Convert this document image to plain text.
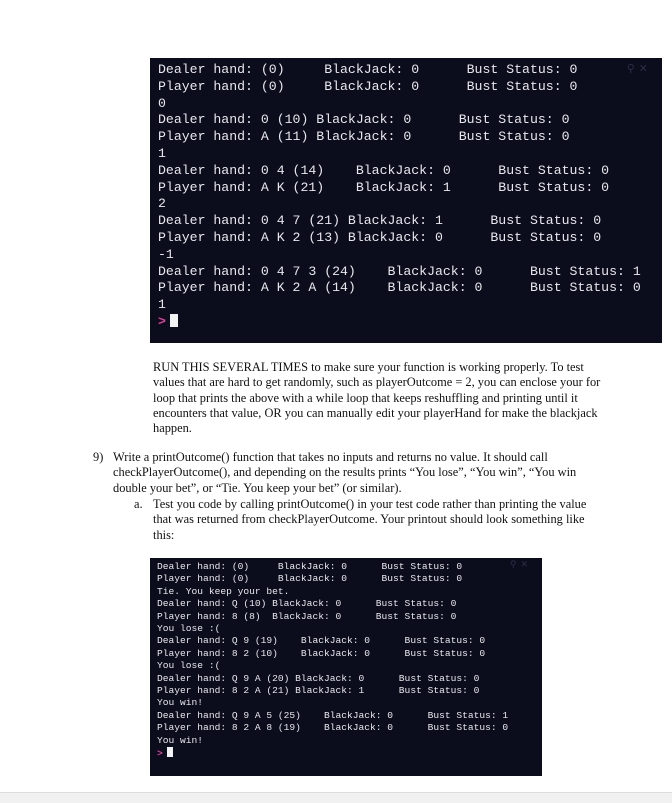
⚲✕
Dealer hand: (0)     BlackJack: 0      Bust Status: 0
Player hand: (0)     BlackJack: 0      Bust Status: 0
0
Dealer hand: 0 (10) BlackJack: 0      Bust Status: 0
Player hand: A (11) BlackJack: 0      Bust Status: 0
1
Dealer hand: 0 4 (14)    BlackJack: 0      Bust Status: 0
Player hand: A K (21)    BlackJack: 1      Bust Status: 0
2
Dealer hand: 0 4 7 (21) BlackJack: 1      Bust Status: 0
Player hand: A K 2 (13) BlackJack: 0      Bust Status: 0
-1
Dealer hand: 0 4 7 3 (24)    BlackJack: 0      Bust Status: 1
Player hand: A K 2 A (14)    BlackJack: 0      Bust Status: 0
1
>
RUN THIS SEVERAL TIMES to make sure your function is working properly. To test values that are hard to get randomly, such as playerOutcome = 2, you can enclose your for loop that prints the above with a while loop that keeps reshuffling and printing until it encounters that value, OR you can manually edit your playerHand for make the blackjack happen.
9) Write a printOutcome() function that takes no inputs and returns no value. It should call checkPlayerOutcome(), and depending on the results prints “You lose”, “You win”, “You win double your bet”, or “Tie. You keep your bet” (or similar).
a. Test you code by calling printOutcome() in your test code rather than printing the value that was returned from checkPlayerOutcome. Your printout should look something like this:
⚲✕
Dealer hand: (0)     BlackJack: 0      Bust Status: 0
Player hand: (0)     BlackJack: 0      Bust Status: 0
Tie. You keep your bet.
Dealer hand: Q (10) BlackJack: 0      Bust Status: 0
Player hand: 8 (8)  BlackJack: 0      Bust Status: 0
You lose :(
Dealer hand: Q 9 (19)    BlackJack: 0      Bust Status: 0
Player hand: 8 2 (10)    BlackJack: 0      Bust Status: 0
You lose :(
Dealer hand: Q 9 A (20) BlackJack: 0      Bust Status: 0
Player hand: 8 2 A (21) BlackJack: 1      Bust Status: 0
You win!
Dealer hand: Q 9 A 5 (25)    BlackJack: 0      Bust Status: 1
Player hand: 8 2 A 8 (19)    BlackJack: 0      Bust Status: 0
You win!
>
